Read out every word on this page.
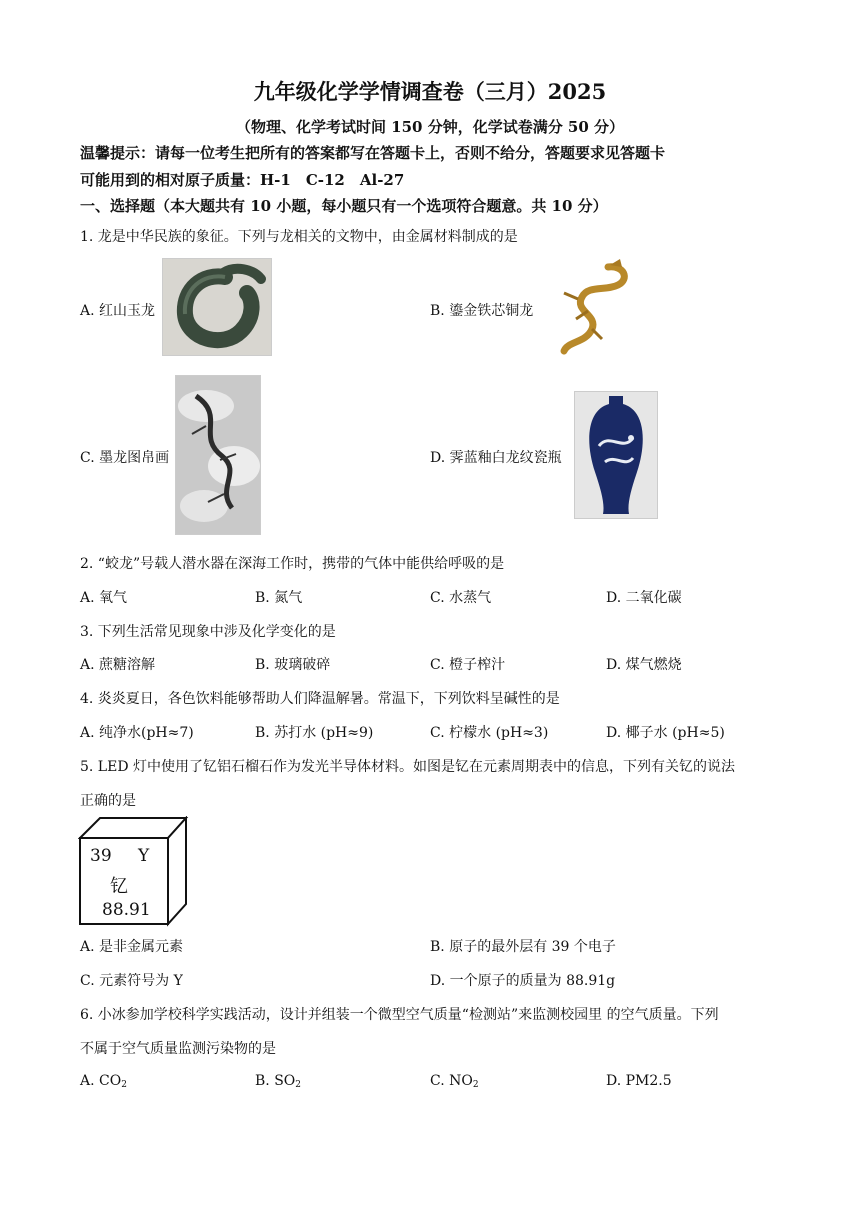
九年级化学学情调查卷（三月）2025
（物理、化学考试时间 150 分钟，化学试卷满分 50 分）
温馨提示：请每一位考生把所有的答案都写在答题卡上，否则不给分，答题要求见答题卡
可能用到的相对原子质量：H-1　C-12　Al-27
一、选择题（本大题共有 10 小题，每小题只有一个选项符合题意。共 10 分）
1. 龙是中华民族的象征。下列与龙相关的文物中，由金属材料制成的是
A. 红山玉龙	B. 鎏金铁芯铜龙
C. 墨龙图帛画	D. 霁蓝釉白龙纹瓷瓶
2. “蛟龙”号载人潜水器在深海工作时，携带的气体中能供给呼吸的是
A. 氧气	B. 氮气	C. 水蒸气	D. 二氧化碳
3. 下列生活常见现象中涉及化学变化的是
A. 蔗糖溶解	B. 玻璃破碎	C. 橙子榨汁	D. 煤气燃烧
4. 炎炎夏日，各色饮料能够帮助人们降温解暑。常温下，下列饮料呈碱性的是
A. 纯净水(pH≈7)	B. 苏打水 (pH≈9)	C. 柠檬水 (pH≈3)	D. 椰子水 (pH≈5)
5. LED 灯中使用了钇铝石榴石作为发光半导体材料。如图是钇在元素周期表中的信息，下列有关钇的说法
正确的是
39 Y
钇
88.91
A. 是非金属元素	B. 原子的最外层有 39 个电子
C. 元素符号为 Y	D. 一个原子的质量为 88.91g
6. 小冰参加学校科学实践活动，设计并组装一个微型空气质量“检测站”来监测校园里 的空气质量。下列
不属于空气质量监测污染物的是
A. $CO_2$	B. $SO_2$	C. $NO_2$	D. PM2.5
